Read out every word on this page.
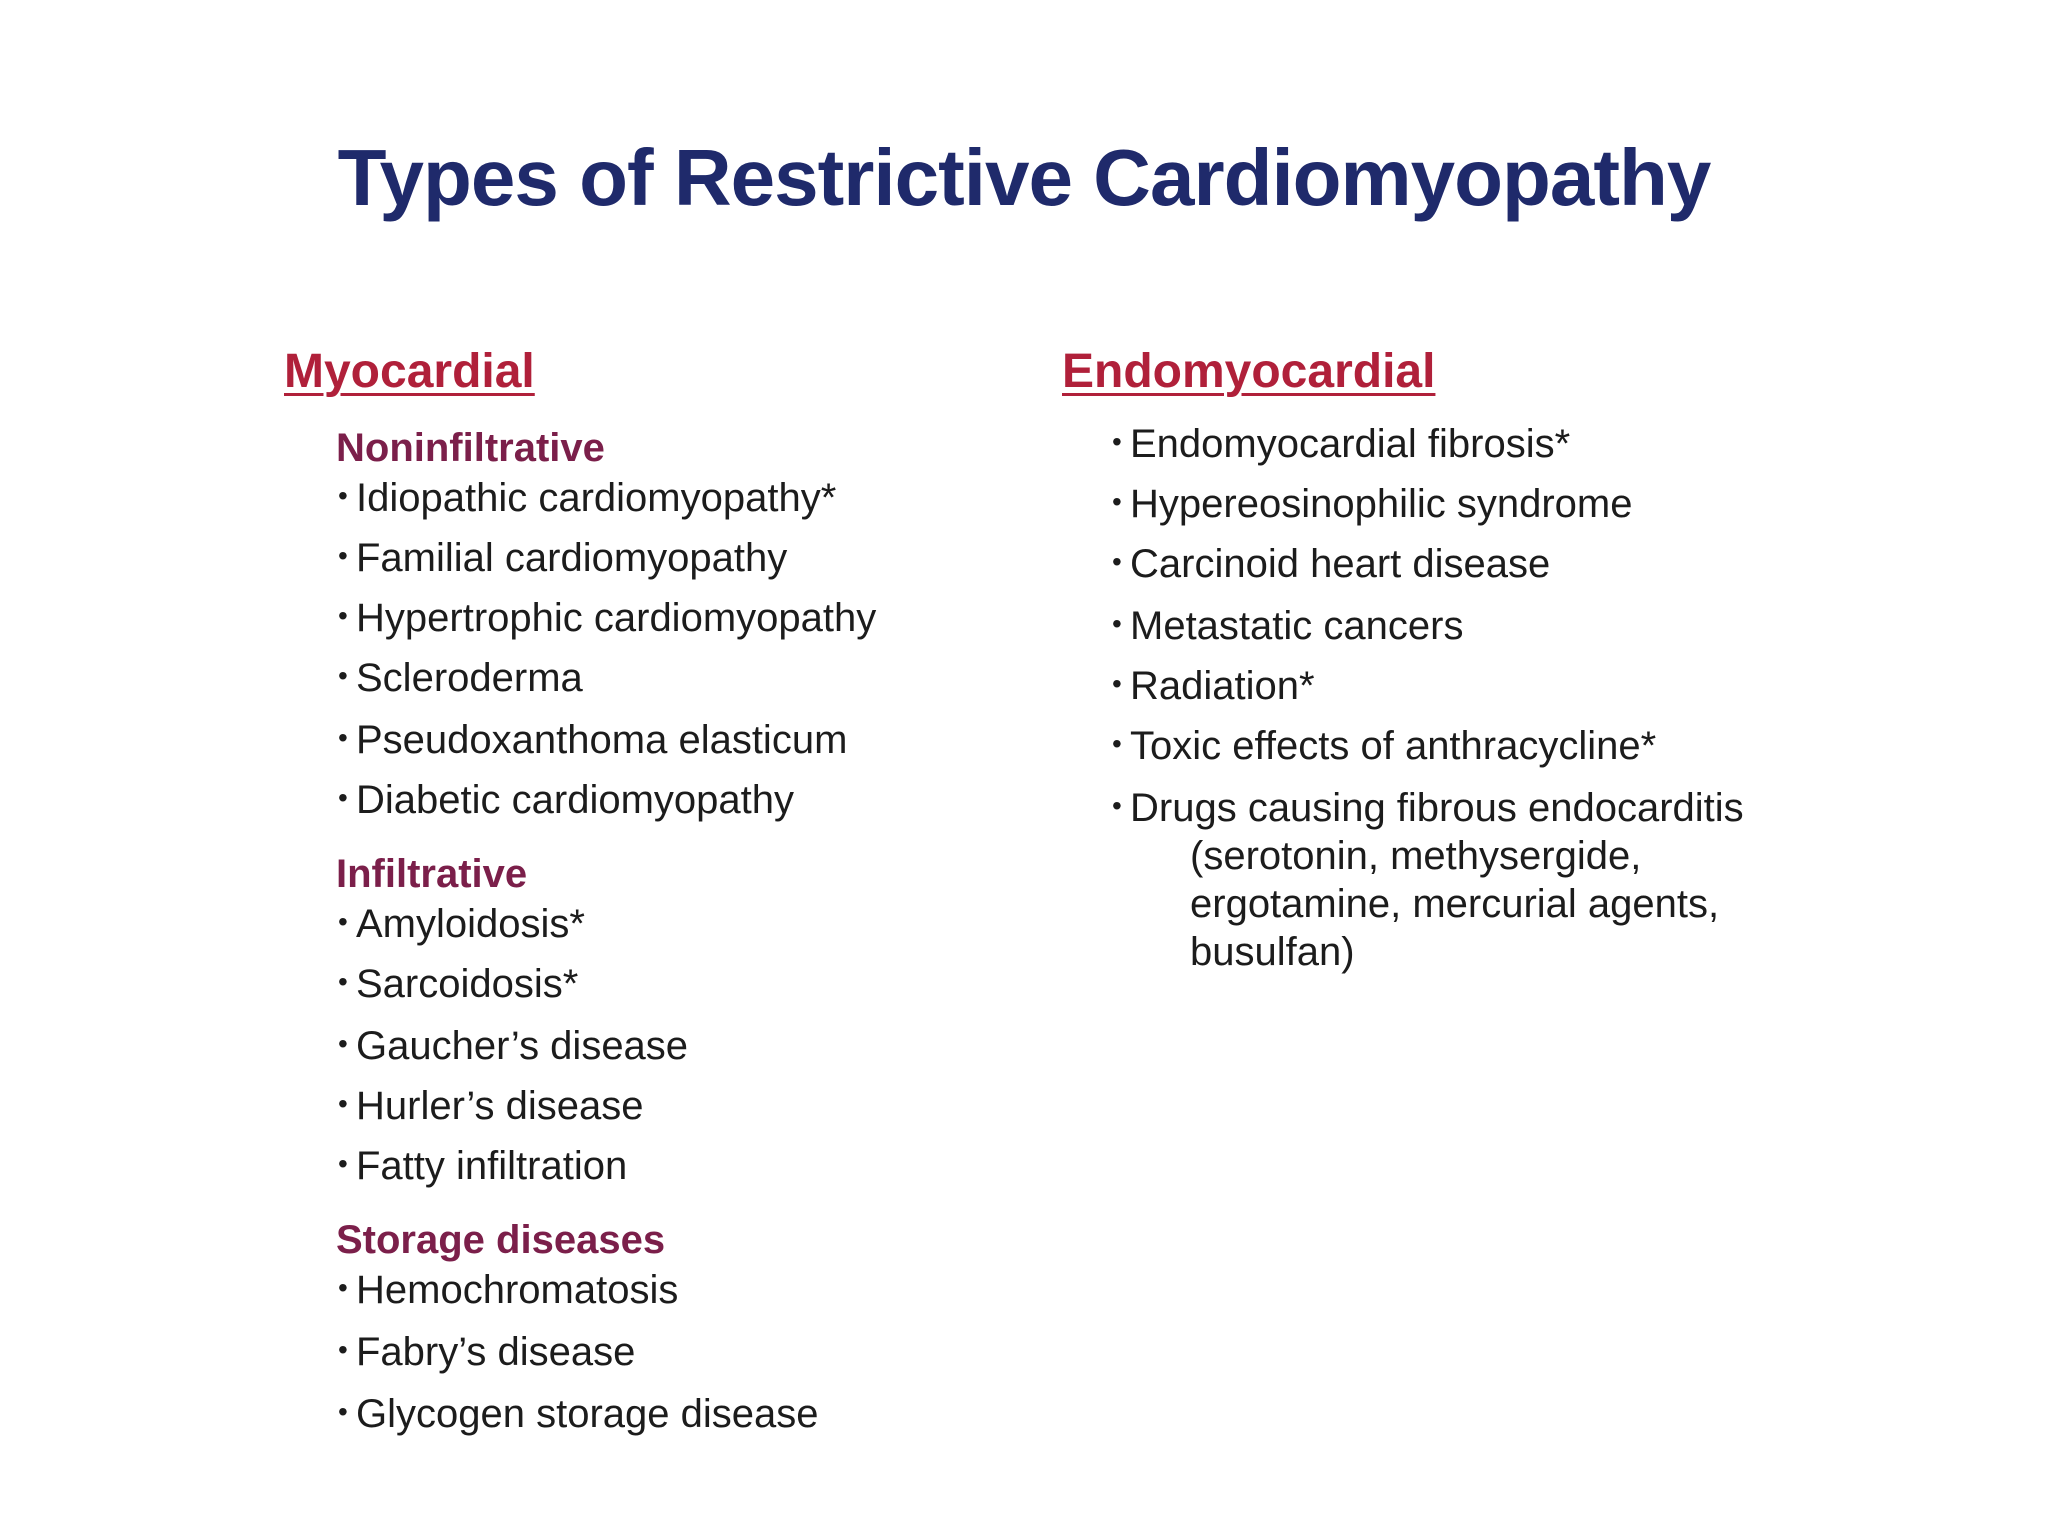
Types of Restrictive Cardiomyopathy
Myocardial
Noninfiltrative
• Idiopathic cardiomyopathy*
• Familial cardiomyopathy
• Hypertrophic cardiomyopathy
• Scleroderma
• Pseudoxanthoma elasticum
• Diabetic cardiomyopathy
Infiltrative
• Amyloidosis*
• Sarcoidosis*
• Gaucher’s disease
• Hurler’s disease
• Fatty infiltration
Storage diseases
• Hemochromatosis
• Fabry’s disease
• Glycogen storage disease
Endomyocardial
• Endomyocardial fibrosis*
• Hypereosinophilic syndrome
• Carcinoid heart disease
• Metastatic cancers
• Radiation*
• Toxic effects of anthracycline*
• Drugs causing fibrous endocarditis
(serotonin, methysergide,
ergotamine, mercurial agents,
busulfan)
